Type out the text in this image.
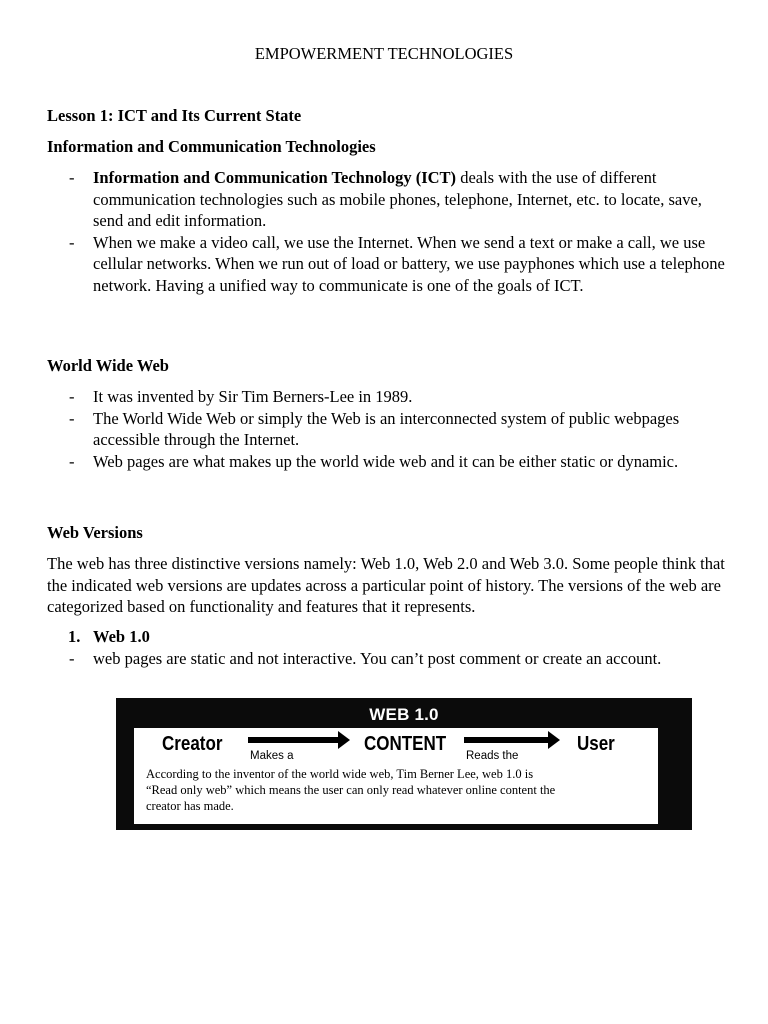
EMPOWERMENT TECHNOLOGIES
Lesson 1: ICT and Its Current State
Information and Communication Technologies
- Information and Communication Technology (ICT) deals with the use of different communication technologies such as mobile phones, telephone, Internet, etc. to locate, save, send and edit information.
- When we make a video call, we use the Internet. When we send a text or make a call, we use cellular networks. When we run out of load or battery, we use payphones which use a telephone network. Having a unified way to communicate is one of the goals of ICT.
World Wide Web
- It was invented by Sir Tim Berners-Lee in 1989.
- The World Wide Web or simply the Web is an interconnected system of public webpages accessible through the Internet.
- Web pages are what makes up the world wide web and it can be either static or dynamic.
Web Versions

The web has three distinctive versions namely: Web 1.0, Web 2.0 and Web 3.0. Some people think that the indicated web versions are updates across a particular point of history. The versions of the web are categorized based on functionality and features that it represents.

1. Web 1.0
- web pages are static and not interactive. You can’t post comment or create an account.
WEB 1.0
Creator
Makes a
CONTENT
Reads the
User
According to the inventor of the world wide web, Tim Berner Lee, web 1.0 is “Read only web” which means the user can only read whatever online content the creator has made.
